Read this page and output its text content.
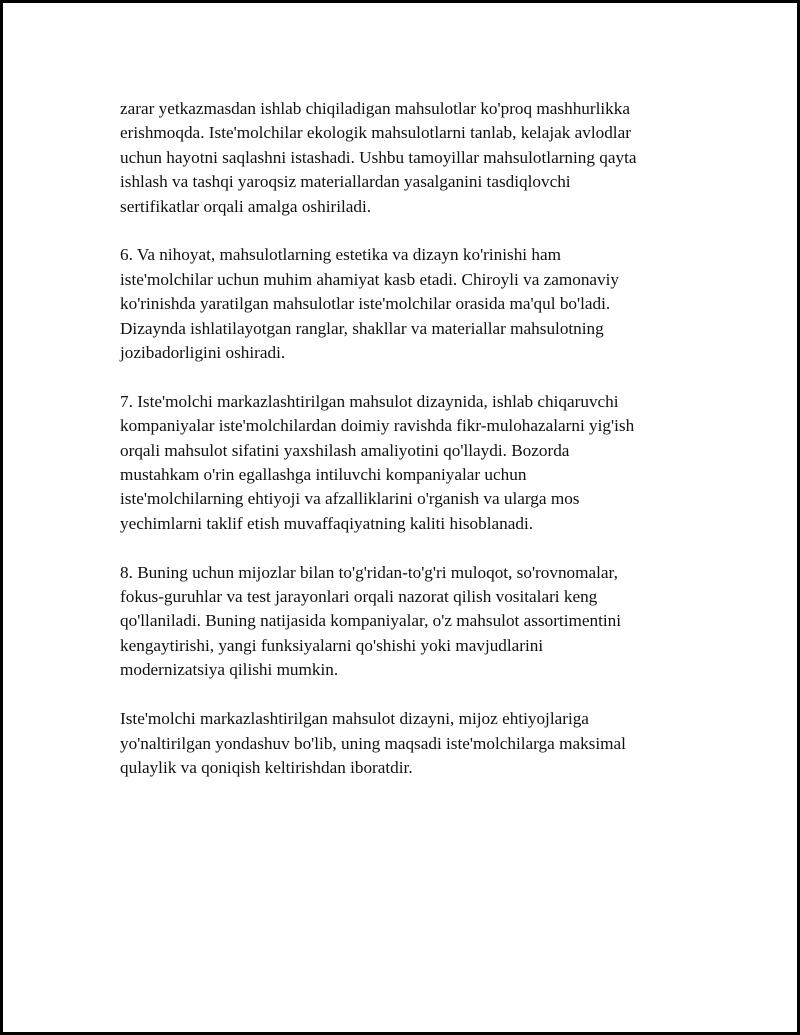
zarar yetkazmasdan ishlab chiqiladigan mahsulotlar ko'proq mashhurlikka
erishmoqda. Iste'molchilar ekologik mahsulotlarni tanlab, kelajak avlodlar
uchun hayotni saqlashni istashadi. Ushbu tamoyillar mahsulotlarning qayta
ishlash va tashqi yaroqsiz materiallardan yasalganini tasdiqlovchi
sertifikatlar orqali amalga oshiriladi.

6. Va nihoyat, mahsulotlarning estetika va dizayn ko'rinishi ham
iste'molchilar uchun muhim ahamiyat kasb etadi. Chiroyli va zamonaviy
ko'rinishda yaratilgan mahsulotlar iste'molchilar orasida ma'qul bo'ladi.
Dizaynda ishlatilayotgan ranglar, shakllar va materiallar mahsulotning
jozibadorligini oshiradi.

7. Iste'molchi markazlashtirilgan mahsulot dizaynida, ishlab chiqaruvchi
kompaniyalar iste'molchilardan doimiy ravishda fikr-mulohazalarni yig'ish
orqali mahsulot sifatini yaxshilash amaliyotini qo'llaydi. Bozorda
mustahkam o'rin egallashga intiluvchi kompaniyalar uchun
iste'molchilarning ehtiyoji va afzalliklarini o'rganish va ularga mos
yechimlarni taklif etish muvaffaqiyatning kaliti hisoblanadi.

8. Buning uchun mijozlar bilan to'g'ridan-to'g'ri muloqot, so'rovnomalar,
fokus-guruhlar va test jarayonlari orqali nazorat qilish vositalari keng
qo'llaniladi. Buning natijasida kompaniyalar, o'z mahsulot assortimentini
kengaytirishi, yangi funksiyalarni qo'shishi yoki mavjudlarini
modernizatsiya qilishi mumkin.

Iste'molchi markazlashtirilgan mahsulot dizayni, mijoz ehtiyojlariga
yo'naltirilgan yondashuv bo'lib, uning maqsadi iste'molchilarga maksimal
qulaylik va qoniqish keltirishdan iboratdir.
